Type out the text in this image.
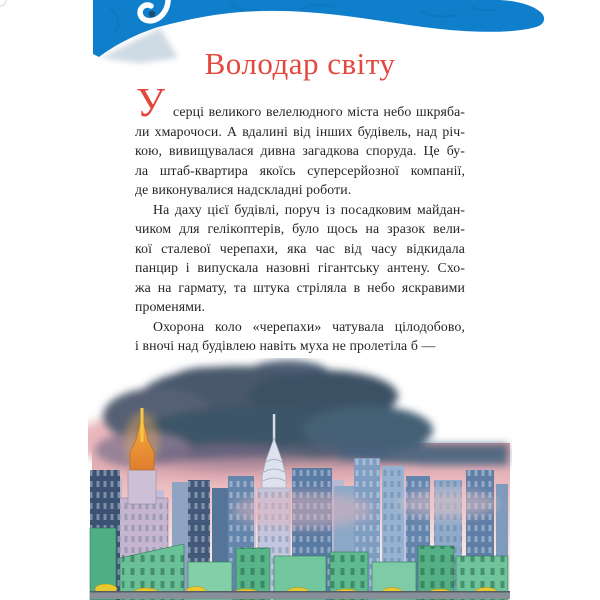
Володар світу
У серці великого велелюдного міста небо шкряба-
ли хмарочоси. А вдалині від інших будівель, над річ-
кою, вивищувалася дивна загадкова споруда. Це бу-
ла штаб-квартира якоїсь суперсерйозної компанії,
де виконувалися надскладні роботи.
На даху цієї будівлі, поруч із посадковим майдан-
чиком для гелікоптерів, було щось на зразок вели-
кої сталевої черепахи, яка час від часу відкидала
панцир і випускала назовні гігантську антену. Схо-
жа на гармату, та штука стріляла в небо яскравими
променями.
Охорона коло «черепахи» чатувала цілодобово,
і вночі над будівлею навіть муха не пролетіла б —
